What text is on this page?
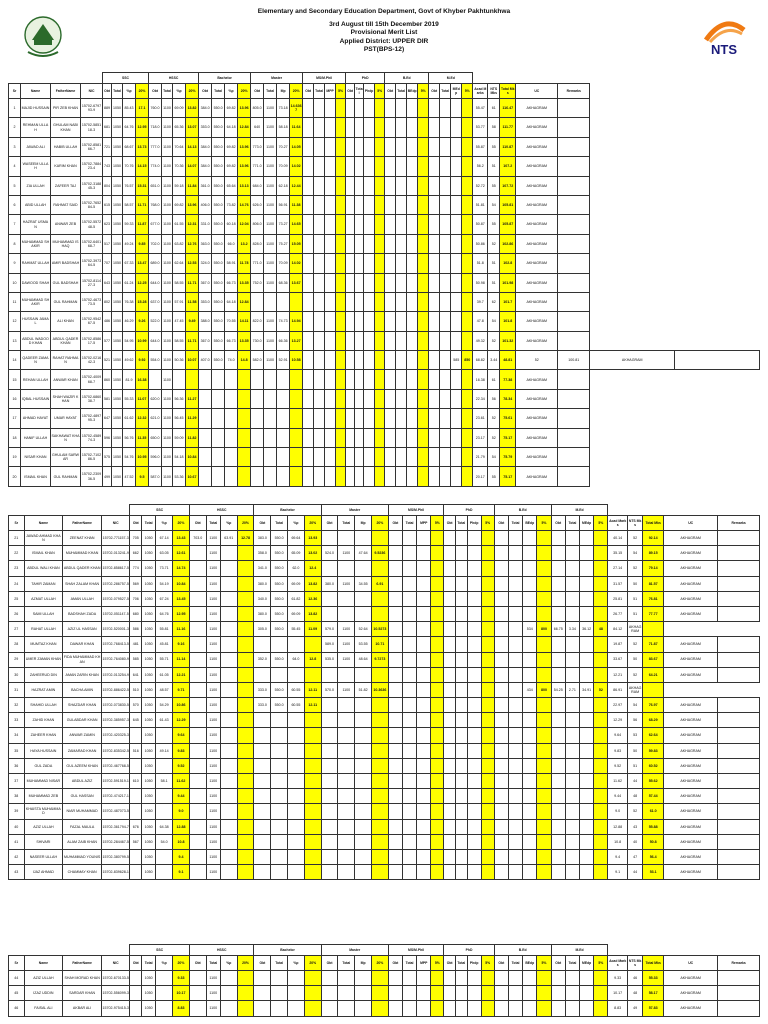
Elementary and Secondary Education Department, Govt of Khyber Pakhtunkhwa
3rd August till 15th December 2019
Provisional Merit List
Applied District: UPPER DIR
PST(BPS-12)	NTS
				SSC				HSSC				Bachelor				Master				MS/M.Phil				PhD				B.Ed				M.Ed										
Sr	Name	FatherName	NIC	Obt	Total	%p	20%	Obt	Total	%p	20%	Obt	Total	%p	20%	Obt	Total	Mp	20%	Obt	Total	MPP	5%	Obt	Total	Phdp	5%	Obt	Total	BEdp	5%	Obt	Total	MEdp	5%	Acad Marks	NTS Mks	Total Mks	UC	Remarks		
1	MAJID HUSSAIN	PIR ZEB KHAN	15702-679793-9	889	1050	85.43	17.1	760.0	1100	69.09	13.82	384.0	550.0	69.82	13.96	805.0	1100	73.18	14.6367																	55.47	61	116.47	AKHAGRAM			
2	REHMAN ULLAH	GHULAM NABI KHAN	15702-585118-3	681	1050	64.76	12.95	718.0	1100	65.36	13.07	353.0	550.0	64.18	12.84	640	1100	58.18	11.64																	53.77	58	111.77	AKHAGRAM			
3	JAWAD ALI	HABIB ULLAH	15702-858166-7	721	1050	68.67	13.73	777.0	1100	70.64	14.13	384.0	550.0	69.82	13.96	773.0	1100	70.27	14.05																	55.87	55	110.87	AKHAGRAM			
4	WASEEM ULLAH	KARIM KHAN	15702-788423-4	743	1050	70.76	14.15	774.0	1100	70.36	14.07	384.0	550.0	69.82	13.96	771.0	1100	70.09	14.02																	56.2	51	107.2	AKHAGRAM			
5	ZIA ULLAH	ZAFEER TAJ	15702-318845-3	804	1050	76.57	15.31	651.0	1100	59.18	11.84	361.0	550.0	65.64	13.13	684.0	1100	62.18	12.44																	52.72	55	107.72	AKHAGRAM			
6	ABID ULLAH	RAHMAT SAID	15702-765284-5	615	1050	58.57	11.71	768.0	1100	69.82	13.96	406.0	550.0	73.82	14.76	626.0	1100	56.91	11.38																	51.81	54	105.81	AKHAGRAM			
7	HAZRAT USMAN	ANWAR ZEB	15702-557248-5	623	1050	59.33	11.87	677.0	1100	61.55	12.31	331.0	550.0	60.18	12.04	806.0	1100	73.27	14.65																	50.87	55	105.87	AKHAGRAM			
8	MUHAMMAD SHAKIR	MUHAMMAD ISHAQ	15702-640168-7	517	1050	49.24	9.85	702.0	1100	63.82	12.76	363.0	550.0	66.0	13.2	828.0	1100	75.27	15.05																	50.86	52	102.86	AKHAGRAM			
9	RAHMAT ULLAH	AMIR BADSHAH	15702-397364-5	707	1050	67.33	13.47	689.0	1100	62.64	12.53	324.0	550.0	58.91	11.78	771.0	1100	70.09	14.02																	51.8	51	102.8	AKHAGRAM			
10	DAWOOD SHAH	GUL BADSHAH	15702-811427-3	643	1050	61.24	12.25	644.0	1100	58.55	11.71	367.0	550.0	66.73	13.35	752.0	1100	68.36	13.67																	50.98	51	101.98	AKHAGRAM			
11	MUHAMMAD SHAKIR	GUL RAHMAN	15702-467373-5	802	1050	76.38	15.28	637.0	1100	57.91	11.58	353.0	550.0	64.18	12.84																					39.7	62	101.7	AKHAGRAM			
12	HUSSAIN JAMAL	ALI KHAN	15702-954267-5	486	1050	46.29	9.26	522.0	1100	47.45	9.49	388.0	550.0	70.55	14.11	822.0	1100	74.73	14.94																	47.8	54	101.8	AKHAGRAM			
13	ABDUL WADOOD KHAN	ABDUL QADER KHAN	15702-858617-5	577	1050	54.95	10.99	644.0	1100	58.55	11.71	367.0	550.0	66.73	13.35	730.0	1100	66.36	13.27																	49.32	52	101.32	AKHAGRAM			
14	QADEER ZAMAN	RAHAT RAHMAN	15702-021642-3	521	1050	49.62	9.92	554.0	1100	50.36	10.07	407.0	550.0	74.0	14.8	582.0	1100	52.91	10.58															585	850	68.82	3.44	48.81	52	100.81	AKHAGRAM	
15	REHAN ULLAH	ANWAR KHAN	15702-400968-7	860	1050	81.9	16.38		1100																											16.38	61	77.38	AKHAGRAM			
16	IQBAL HUSSAIN	SHAH WAZIR KHAN	15702-686038-7	581	1050	55.33	11.07	620.0	1100	56.36	11.27																									22.34	56	78.34	AKHAGRAM			
17	AHMAD HAYAT	UMAR HAYAT	15702-489795-3	647	1050	61.62	12.32	621.0	1100	56.45	11.29																									23.61	52	75.61	AKHAGRAM			
18	HANIF ULLAH	SAKHAWAT KHAN	15702-458974-3	596	1050	56.76	11.35	650.0	1100	59.09	11.82																									23.17	52	75.17	AKHAGRAM			
19	NISAR KHAN	GHULAM SARWAR	15702-710286-5	575	1050	54.76	10.95	596.0	1100	54.18	10.84																									21.79	54	75.79	AKHAGRAM			
20	ISMAIL KHAN	GUL RAHMAN	15702-230936-5	499	1050	47.52	9.5	587.0	1100	53.36	10.67																									20.17	55	75.17	AKHAGRAM			
				SSC				HSSC				Bachelor				Master				MS/M.Phil				PhD				B.Ed				M.Ed								
Sr	Name	FatherName	NIC	Obt	Total	%p	20%	Obt	Total	%p	20%	Obt	Total	%p	20%	Obt	Total	Mp	20%	Obt	Total	MPP	5%	Obt	Total	Phdp	5%	Obt	Total	BEdp	5%	Obt	Total	MEdp	5%	Acad Marks	NTS Mks	Total Mks	UC	Remarks
21	JAWAD AHMAD KHAN	ZEENAT KHAN	15702-771157-3	705	1050	67.14	13.43	703.0	1100	63.91	12.78	383.0	550.0	69.64	13.93																					40.14	52	92.14	AKHAGRAM	
22	ISMAIL KHAN	MUHAMMAD KHAN	15702-013241-9	662	1050	63.05	12.61		1100			358.0	550.0	65.09	13.02	524.0	1100	47.64	9.5236																	35.15	54	89.15	AKHAGRAM	
23	ABDUL WALI KHAN	ABDUL QADER KHAN	15702-858617-5	774	1050	73.71	14.74		1100			341.0	550.0	62.0	12.4																					27.14	52	79.14	AKHAGRAM	
24	TAHIR ZAMAN	SHAH ZALAM KHAN	15702-286757-5	569	1050	54.19	10.84		1100			380.0	550.0	69.09	13.82	380.0	1100	34.55	6.91																	31.57	50	81.57	AKHAGRAM	
25	AZMAT ULLAH	AMAN ULLAH	15702-079527-5	706	1050	67.24	13.45		1100			340.0	550.0	61.82	12.36																					25.81	51	76.81	AKHAGRAM	
26	SAMI ULLAH	BADSHAH ZADA	15702-051147-5	680	1050	64.76	12.95		1100			380.0	550.0	69.09	13.82																					26.77	51	77.77	AKHAGRAM	
27	RAHAT ULLAH	AZIZ UL HASSAN	15702-520001-3	586	1050	55.81	11.16		1100			305.0	550.0	55.45	11.09	579.0	1100	52.64	10.5273											534	800	66.75	3.34	36.12	48	84.12	AKHAGRAM			
28	MUMTAZ KHAN	DAWAR KHAN	15702-768413-5	481	1050	45.81	9.16		1100							589.0	1100	53.55	10.71																	19.87	52	71.87	AKHAGRAM	
29	UMER ZAMAN KHAN	FIDA MUHAMMAD KHAN	15702-764080-9	585	1050	55.71	11.14		1100			352.0	550.0	64.0	12.8	535.0	1100	48.64	9.7273																	33.67	50	83.67	AKHAGRAM	
30	ZAHEERUD DIN	AMAN ZARIN KHAN	15702-013254-9	641	1050	61.05	12.21		1100																											12.21	52	64.21	AKHAGRAM	
31	HAZRAT AMIN	BACHA AMIN	15702-886422-5	510	1050	48.57	9.71		1100			333.0	550.0	60.55	12.11	570.0	1100	51.82	10.3636											434	800	54.25	2.71	34.91	52	86.91	AKHAGRAM			
32	SHAHID ULLAH	SHAZDAR KHAN	15702-073830-5	570	1050	54.29	10.86		1100			333.0	550.0	60.55	12.11																					22.97	54	76.97	AKHAGRAM	
33	ZAHID KHAN	GULABDAR KHAN	15702-385957-3	645	1050	61.43	12.29		1100																											12.29	56	68.29	AKHAGRAM	
34	ZAHEER KHAN	ANWAR ZAMIN	15702-420325-3		1050		9.64		1100																											9.64	53	62.64	AKHAGRAM	
35	HAYA HUSSAIN	ZAMARAD KHAN	15702-835342-5	516	1050	49.14	9.83		1100																											9.83	50	59.83	AKHAGRAM	
36	GUL ZADA	GUL AZEEM KHAN	15702-467768-5		1050		9.52		1100																											9.52	51	60.52	AKHAGRAM	
37	MUHAMMAD NISAR	ABDUL AZIZ	15702-591519-1	610	1050	58.1	11.62		1100																											11.62	44	55.62	AKHAGRAM	
38	MUHAMMAD ZEB	GUL HASSAN	15702-474217-1		1050		9.44		1100																											9.44	48	57.44	AKHAGRAM	
39	KHAISTA MUHAMMAD	NIAR MUHAMMAD	15702-487073-5		1050		9.0		1100																											9.0	52	61.0	AKHAGRAM	
40	AZIZ ULLAH	FAZAL MAULA	15702-361794-7	676	1050	64.38	12.88		1100																											12.88	43	55.88	AKHAGRAM	
41	SHIVARI	ALAM ZAIB KHAN	15702-284467-5	567	1050	54.0	10.8		1100																											10.8	40	50.8	AKHAGRAM	
42	NASEER ULLAH	MUHAMMAD YOUNIS	15702-380799-5		1050		9.4		1100																											9.4	47	56.4	AKHAGRAM	
43	IJAZ AHMAD	CHAMMAY KHAN	15702-839628-1		1050		9.1		1100																											9.1	44	53.1	AKHAGRAM	
				SSC				HSSC				Bachelor				Master				MS/M.Phil				PhD				B.Ed				M.Ed								
Sr	Name	FatherName	NIC	Obt	Total	%p	20%	Obt	Total	%p	20%	Obt	Total	%p	20%	Obt	Total	Mp	20%	Obt	Total	MPP	5%	Obt	Total	Phdp	5%	Obt	Total	BEdp	5%	Obt	Total	MEdp	5%	Acad Marks	NTS Mks	Total Mks	UC	Remarks
44	AZIZ ULLAH	SHAH MORAD KHAN	15702-670133-5		1050		9.33		1100																											9.33	46	55.33	AKHAGRAM	
45	IZAZ UDDIN	SARDAR KHAN	15702-556099-3		1050		10.17		1100																											10.17	48	58.17	AKHAGRAM	
46	FAISAL ALI	AKBAR ALI	15702-975415-3		1050		8.83		1100																											8.83	49	57.83	AKHAGRAM	
